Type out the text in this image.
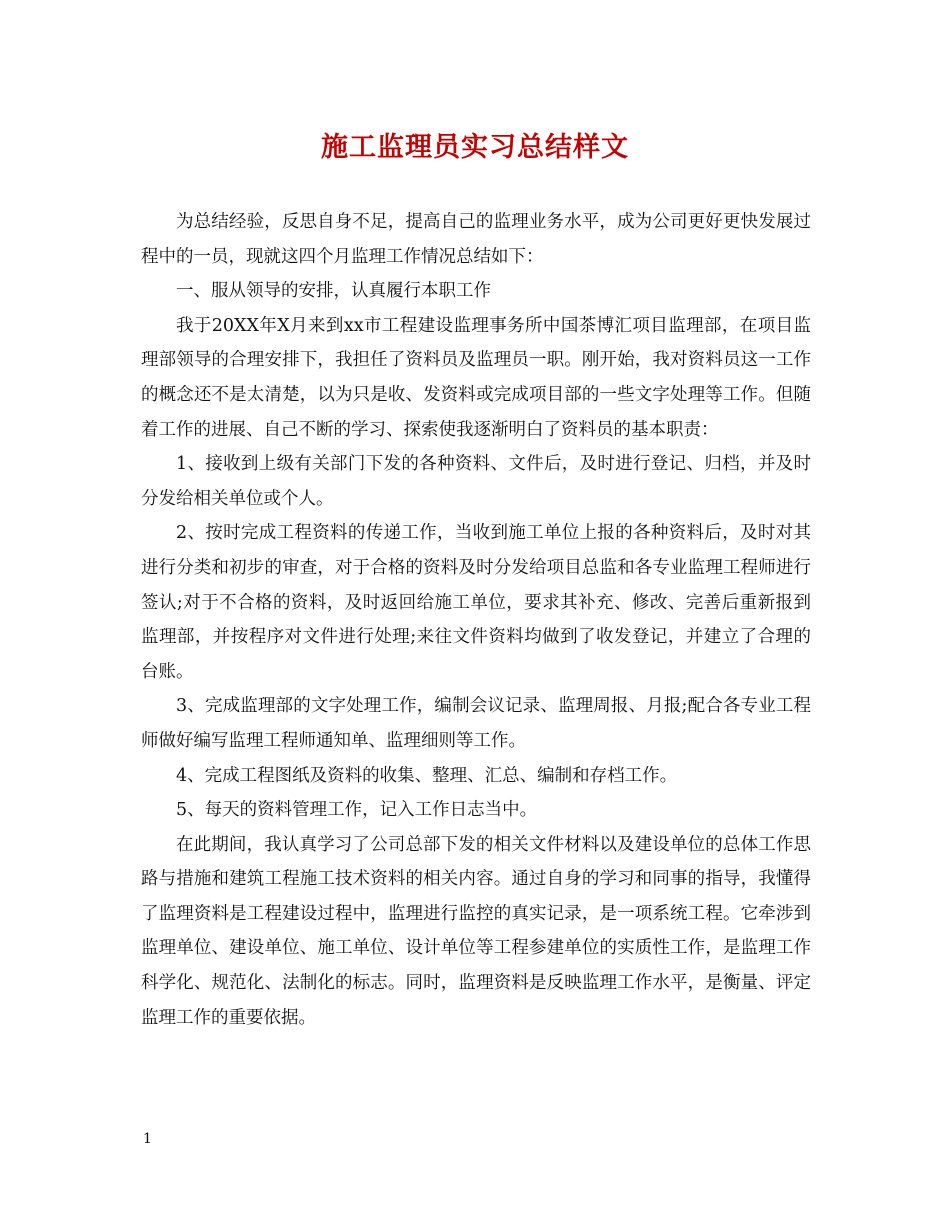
施工监理员实习总结样文

为总结经验，反思自身不足，提高自己的监理业务水平，成为公司更好更快发展过程中的一员，现就这四个月监理工作情况总结如下：

一、服从领导的安排，认真履行本职工作

我于20XX年X月来到xx市工程建设监理事务所中国茶博汇项目监理部，在项目监理部领导的合理安排下，我担任了资料员及监理员一职。刚开始，我对资料员这一工作的概念还不是太清楚，以为只是收、发资料或完成项目部的一些文字处理等工作。但随着工作的进展、自己不断的学习、探索使我逐渐明白了资料员的基本职责：

1、接收到上级有关部门下发的各种资料、文件后，及时进行登记、归档，并及时分发给相关单位或个人。

2、按时完成工程资料的传递工作，当收到施工单位上报的各种资料后，及时对其进行分类和初步的审查，对于合格的资料及时分发给项目总监和各专业监理工程师进行签认;对于不合格的资料，及时返回给施工单位，要求其补充、修改、完善后重新报到监理部，并按程序对文件进行处理;来往文件资料均做到了收发登记，并建立了合理的台账。

3、完成监理部的文字处理工作，编制会议记录、监理周报、月报;配合各专业工程师做好编写监理工程师通知单、监理细则等工作。

4、完成工程图纸及资料的收集、整理、汇总、编制和存档工作。

5、每天的资料管理工作，记入工作日志当中。

在此期间，我认真学习了公司总部下发的相关文件材料以及建设单位的总体工作思路与措施和建筑工程施工技术资料的相关内容。通过自身的学习和同事的指导，我懂得了监理资料是工程建设过程中，监理进行监控的真实记录，是一项系统工程。它牵涉到监理单位、建设单位、施工单位、设计单位等工程参建单位的实质性工作，是监理工作科学化、规范化、法制化的标志。同时，监理资料是反映监理工作水平，是衡量、评定监理工作的重要依据。

1
